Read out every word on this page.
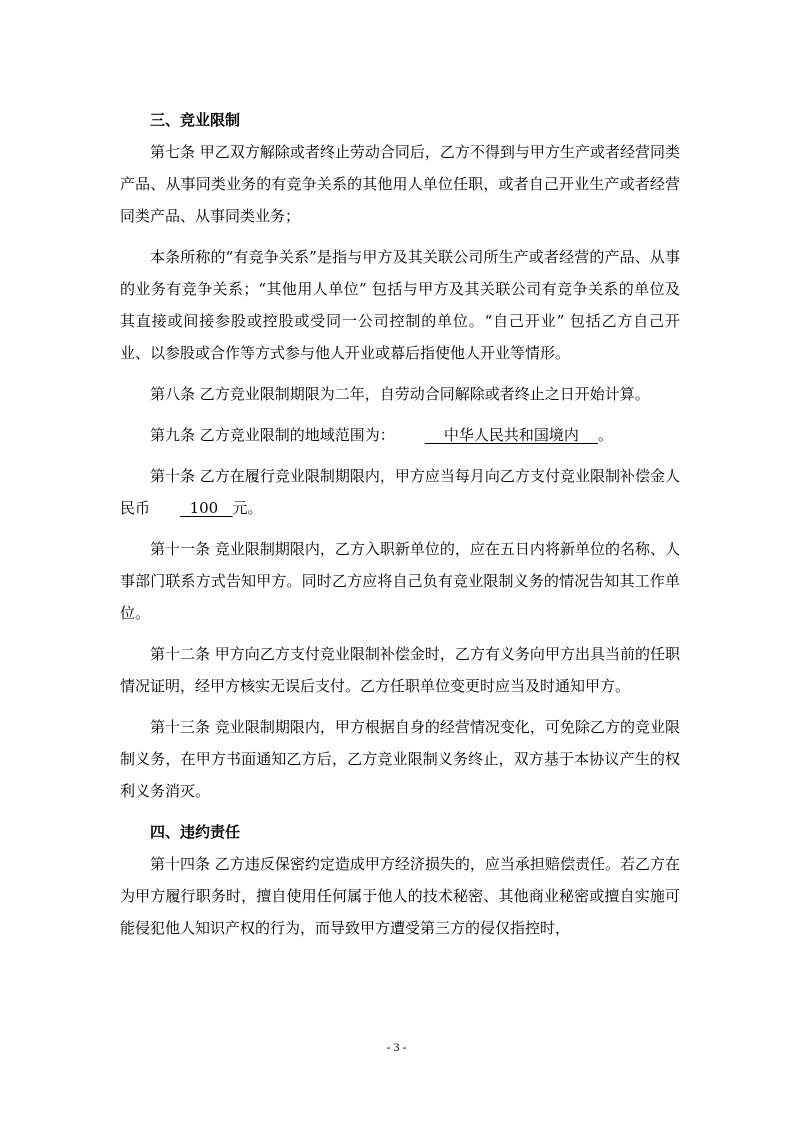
三、竞业限制

第七条 甲乙双方解除或者终止劳动合同后，乙方不得到与甲方生产或者经营同类产品、从事同类业务的有竞争关系的其他用人单位任职，或者自己开业生产或者经营同类产品、从事同类业务；

本条所称的“有竞争关系”是指与甲方及其关联公司所生产或者经营的产品、从事的业务有竞争关系；“其他用人单位” 包括与甲方及其关联公司有竞争关系的单位及其直接或间接参股或控股或受同一公司控制的单位。“自己开业” 包括乙方自己开业、以参股或合作等方式参与他人开业或幕后指使他人开业等情形。

第八条 乙方竞业限制期限为二年，自劳动合同解除或者终止之日开始计算。

第九条 乙方竞业限制的地域范围为：	中华人民共和国境内 。

第十条 乙方在履行竞业限制期限内，甲方应当每月向乙方支付竞业限制补偿金人民币	100 元。

第十一条 竞业限制期限内，乙方入职新单位的，应在五日内将新单位的名称、人事部门联系方式告知甲方。同时乙方应将自己负有竞业限制义务的情况告知其工作单位。

第十二条 甲方向乙方支付竞业限制补偿金时，乙方有义务向甲方出具当前的任职情况证明，经甲方核实无误后支付。乙方任职单位变更时应当及时通知甲方。

第十三条 竞业限制期限内，甲方根据自身的经营情况变化，可免除乙方的竞业限制义务，在甲方书面通知乙方后，乙方竞业限制义务终止，双方基于本协议产生的权利义务消灭。

四、违约责任

第十四条 乙方违反保密约定造成甲方经济损失的，应当承担赔偿责任。若乙方在为甲方履行职务时，擅自使用任何属于他人的技术秘密、其他商业秘密或擅自实施可能侵犯他人知识产权的行为，而导致甲方遭受第三方的侵仅指控时，

- 3 -
